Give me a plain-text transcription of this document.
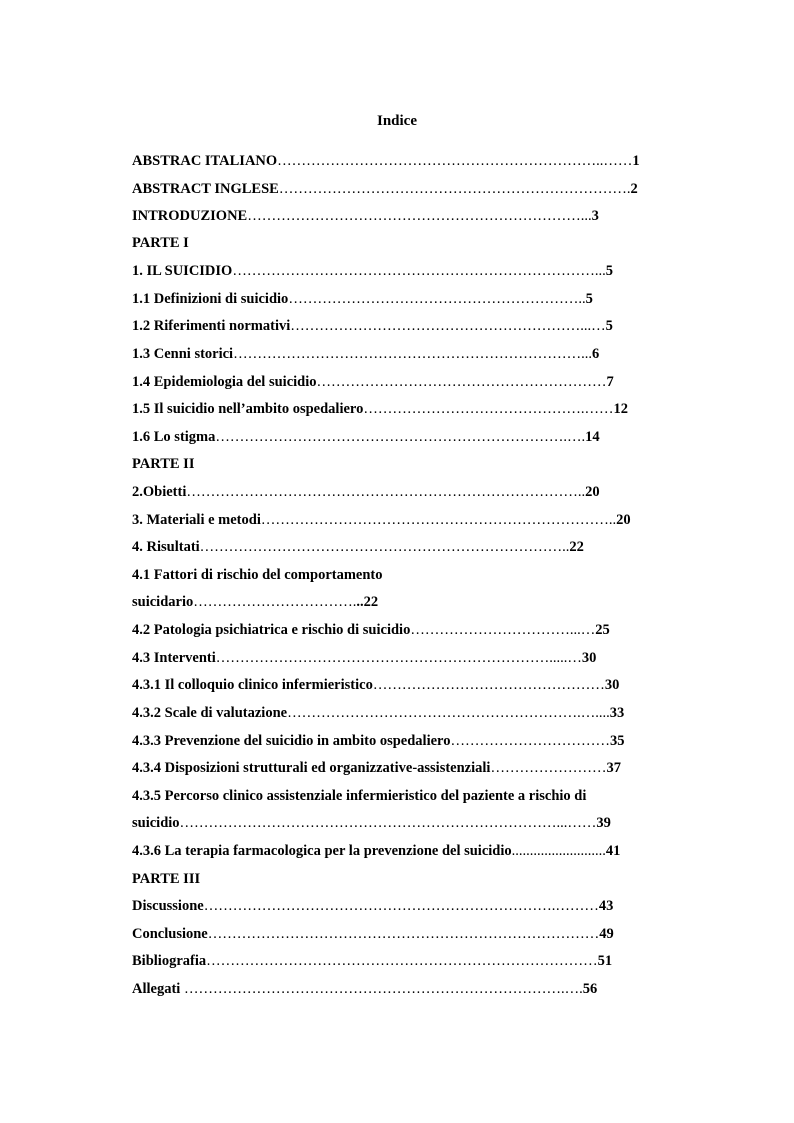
Indice
ABSTRAC ITALIANO…………………………………………………………..……1
ABSTRACT INGLESE……………………………………………………………….2
INTRODUZIONE……………………………………………………………...3
PARTE I
1. IL SUICIDIO…………………………………………………………………...5
1.1 Definizioni di suicidio……………………………………………………..5
1.2 Riferimenti normativi……………………………………………………...…5
1.3 Cenni storici………………………………………………………………...6
1.4 Epidemiologia del suicidio……………………………………………………7
1.5 Il suicidio nell’ambito ospedaliero……………………………………….……12
1.6 Lo stigma……………………………………………………………….….14
PARTE II
2.Obietti………………………………………………………………………..20
3. Materiali e metodi………………………………………………………………..20
4. Risultati…………………………………………………………………..22
4.1 Fattori di rischio del comportamento
suicidario……………………………...22
4.2 Patologia psichiatrica e rischio di suicidio……………………………...…25
4.3 Interventi…………………………………………………………….....…30
4.3.1 Il colloquio clinico infermieristico…………………………………………30
4.3.2 Scale di valutazione…………………………………………………….…....33
4.3.3 Prevenzione del suicidio in ambito ospedaliero……………………………35
4.3.4 Disposizioni strutturali ed organizzative-assistenziali……………………37
4.3.5 Percorso clinico assistenziale infermieristico del paziente a rischio di
suicidio……………………………………………………………………...……39
4.3.6 La terapia farmacologica per la prevenzione del suicidio..........................41
PARTE III
Discussione……………………………………………………………….………43
Conclusione………………………………………………………………………49
Bibliografia………………………………………………………………………51
Allegati …………………………………………………………………….….56
